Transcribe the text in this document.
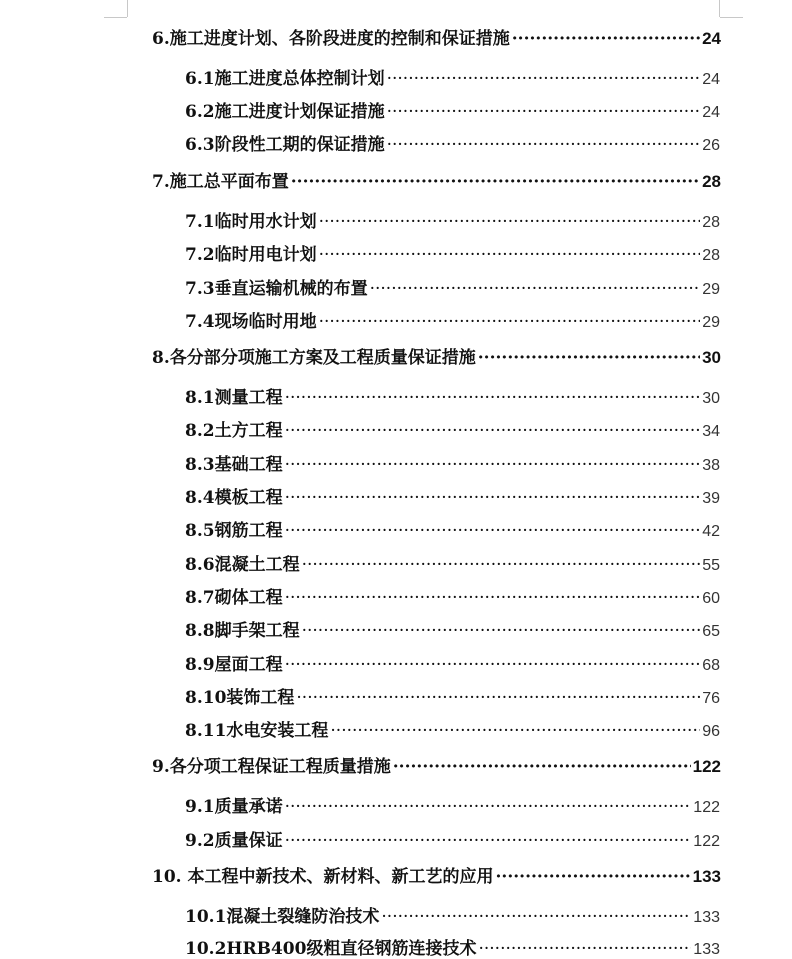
6.施工进度计划、各阶段进度的控制和保证措施 ·····	24
6.1施工进度总体控制计划 ·····	24
6.2施工进度计划保证措施 ·····	24
6.3阶段性工期的保证措施 ·····	26
7.施工总平面布置 ·····	28
7.1临时用水计划 ·····	28
7.2临时用电计划 ·····	28
7.3垂直运输机械的布置 ·····	29
7.4现场临时用地 ·····	29
8.各分部分项施工方案及工程质量保证措施 ·····	30
8.1测量工程 ·····	30
8.2土方工程 ·····	34
8.3基础工程 ·····	38
8.4模板工程 ·····	39
8.5钢筋工程 ·····	42
8.6混凝土工程 ·····	55
8.7砌体工程 ·····	60
8.8脚手架工程 ·····	65
8.9屋面工程 ·····	68
8.10装饰工程 ·····	76
8.11水电安装工程 ·····	96
9.各分项工程保证工程质量措施 ·····	122
9.1质量承诺 ·····	122
9.2质量保证 ·····	122
10. 本工程中新技术、新材料、新工艺的应用 ·····	133
10.1混凝土裂缝防治技术 ·····	133
10.2HRB400级粗直径钢筋连接技术 ·····	133
